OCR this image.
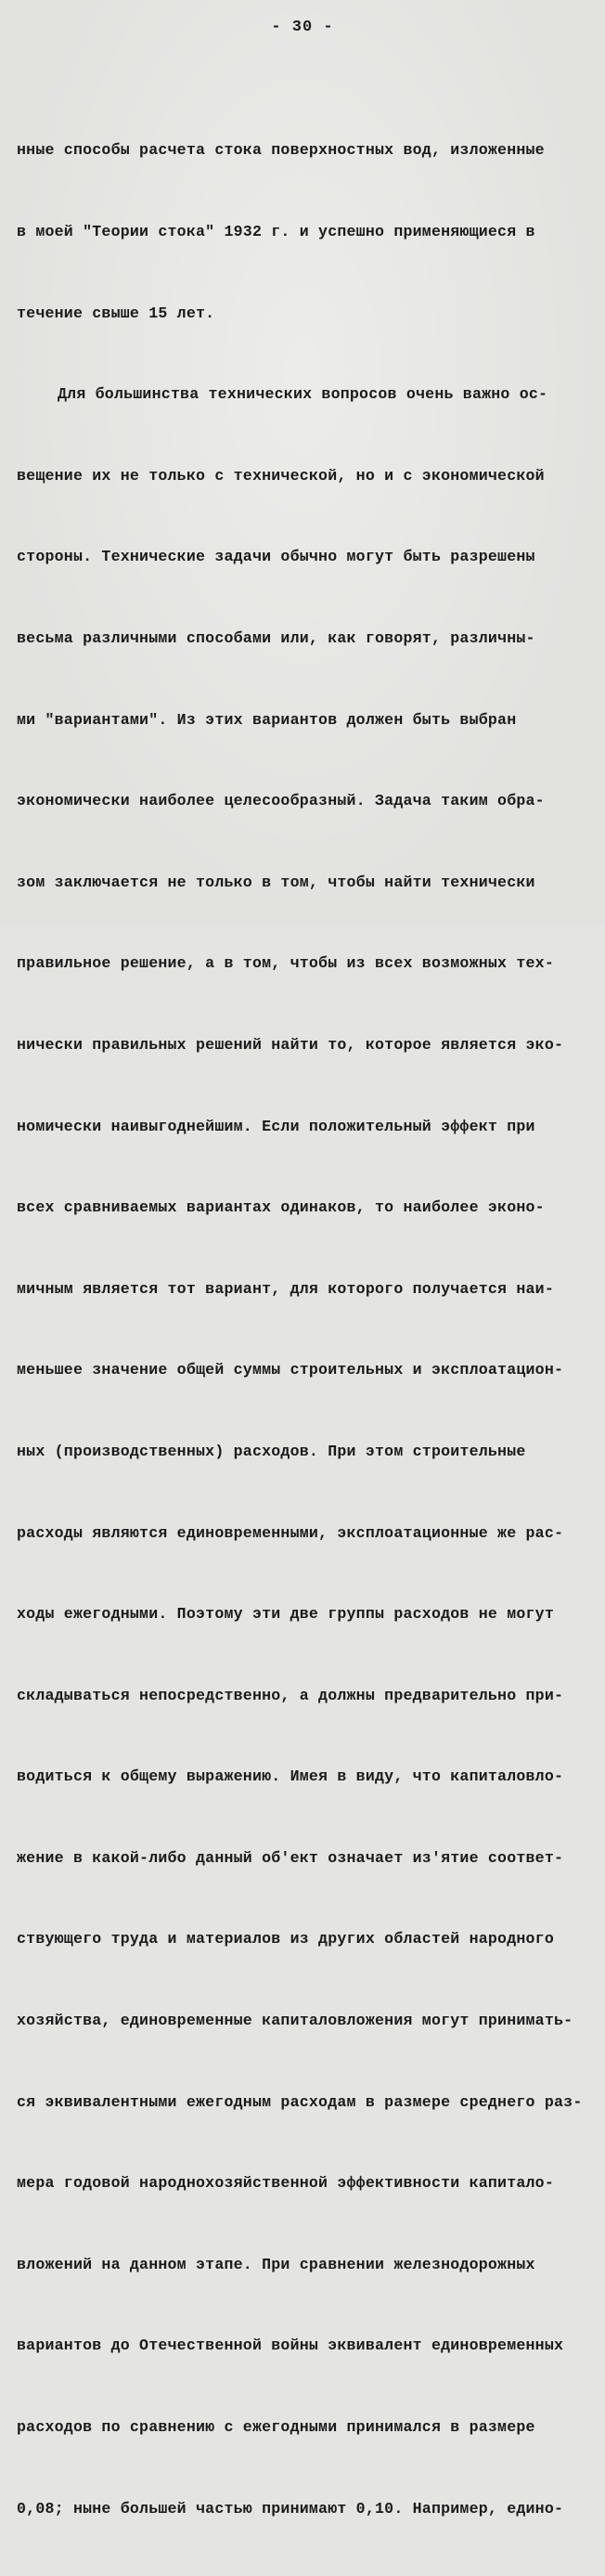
- 30 -

нные способы расчета стока поверхностных вод, изложенные

в моей "Теории стока" 1932 г. и успешно применяющиеся в

течение свыше 15 лет.

Для большинства технических вопросов очень важно ос-

вещение их не только с технической, но и с экономической

стороны. Технические задачи обычно могут быть разрешены

весьма различными способами или, как говорят, различны-

ми "вариантами". Из этих вариантов должен быть выбран

экономически наиболее целесообразный. Задача таким обра-

зом заключается не только в том, чтобы найти технически

правильное решение, а в том, чтобы из всех возможных тех-

нически правильных решений найти то, которое является эко-

номически наивыгоднейшим. Если положительный эффект при

всех сравниваемых вариантах одинаков, то наиболее эконо-

мичным является тот вариант, для которого получается наи-

меньшее значение общей суммы строительных и эксплоатацион-

ных (производственных) расходов. При этом строительные

расходы являются единовременными, эксплоатационные же рас-

ходы ежегодными. Поэтому эти две группы расходов не могут

складываться непосредственно, а должны предварительно при-

водиться к общему выражению. Имея в виду, что капиталовло-

жение в какой-либо данный об'ект означает из'ятие соответ-

ствующего труда и материалов из других областей народного

хозяйства, единовременные капиталовложения могут принимать-

ся эквивалентными ежегодным расходам в размере среднего раз-

мера годовой народнохозяйственной эффективности капитало-

вложений на данном этапе. При сравнении железнодорожных

вариантов до Отечественной войны эквивалент единовременных

расходов по сравнению с ежегодными принимался в размере

0,08; ныне большей частью принимают 0,10. Например, едино-
